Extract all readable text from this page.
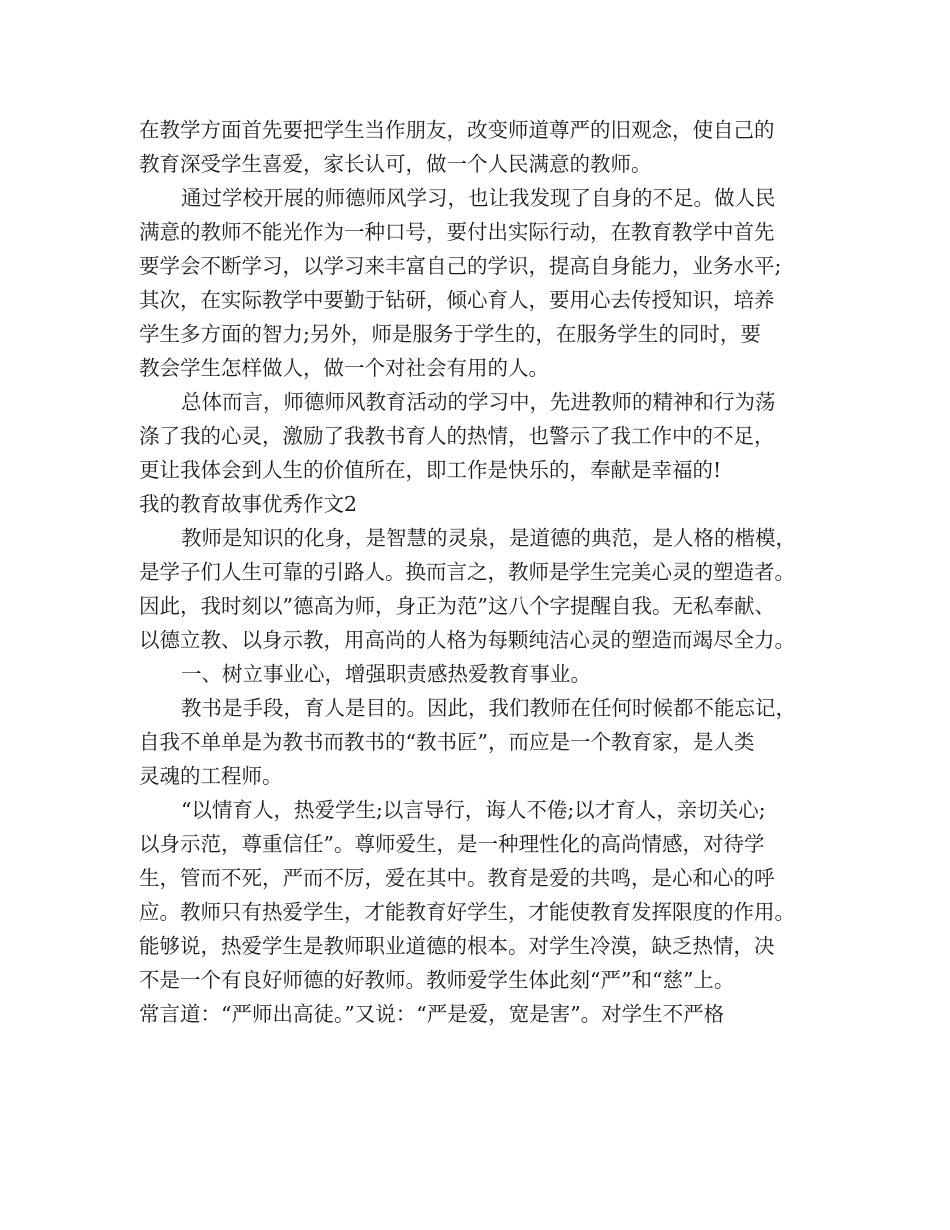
在教学方面首先要把学生当作朋友，改变师道尊严的旧观念，使自己的
教育深受学生喜爱，家长认可，做一个人民满意的教师。
通过学校开展的师德师风学习，也让我发现了自身的不足。做人民
满意的教师不能光作为一种口号，要付出实际行动，在教育教学中首先
要学会不断学习，以学习来丰富自己的学识，提高自身能力，业务水平;
其次，在实际教学中要勤于钻研，倾心育人，要用心去传授知识，培养
学生多方面的智力;另外，师是服务于学生的，在服务学生的同时，要
教会学生怎样做人，做一个对社会有用的人。
总体而言，师德师风教育活动的学习中，先进教师的精神和行为荡
涤了我的心灵，激励了我教书育人的热情，也警示了我工作中的不足，
更让我体会到人生的价值所在，即工作是快乐的，奉献是幸福的!
我的教育故事优秀作文2
教师是知识的化身，是智慧的灵泉，是道德的典范，是人格的楷模，
是学子们人生可靠的引路人。换而言之，教师是学生完美心灵的塑造者。
因此，我时刻以”德高为师，身正为范”这八个字提醒自我。无私奉献、
以德立教、以身示教，用高尚的人格为每颗纯洁心灵的塑造而竭尽全力。
一、树立事业心，增强职责感热爱教育事业。
教书是手段，育人是目的。因此，我们教师在任何时候都不能忘记，
自我不单单是为教书而教书的“教书匠”，而应是一个教育家，是人类
灵魂的工程师。
“以情育人，热爱学生;以言导行，诲人不倦;以才育人，亲切关心;
以身示范，尊重信任”。尊师爱生，是一种理性化的高尚情感，对待学
生，管而不死，严而不厉，爱在其中。教育是爱的共鸣，是心和心的呼
应。教师只有热爱学生，才能教育好学生，才能使教育发挥限度的作用。
能够说，热爱学生是教师职业道德的根本。对学生冷漠，缺乏热情，决
不是一个有良好师德的好教师。教师爱学生体此刻“严”和“慈”上。
常言道：“严师出高徒。”又说：“严是爱，宽是害”。对学生不严格
